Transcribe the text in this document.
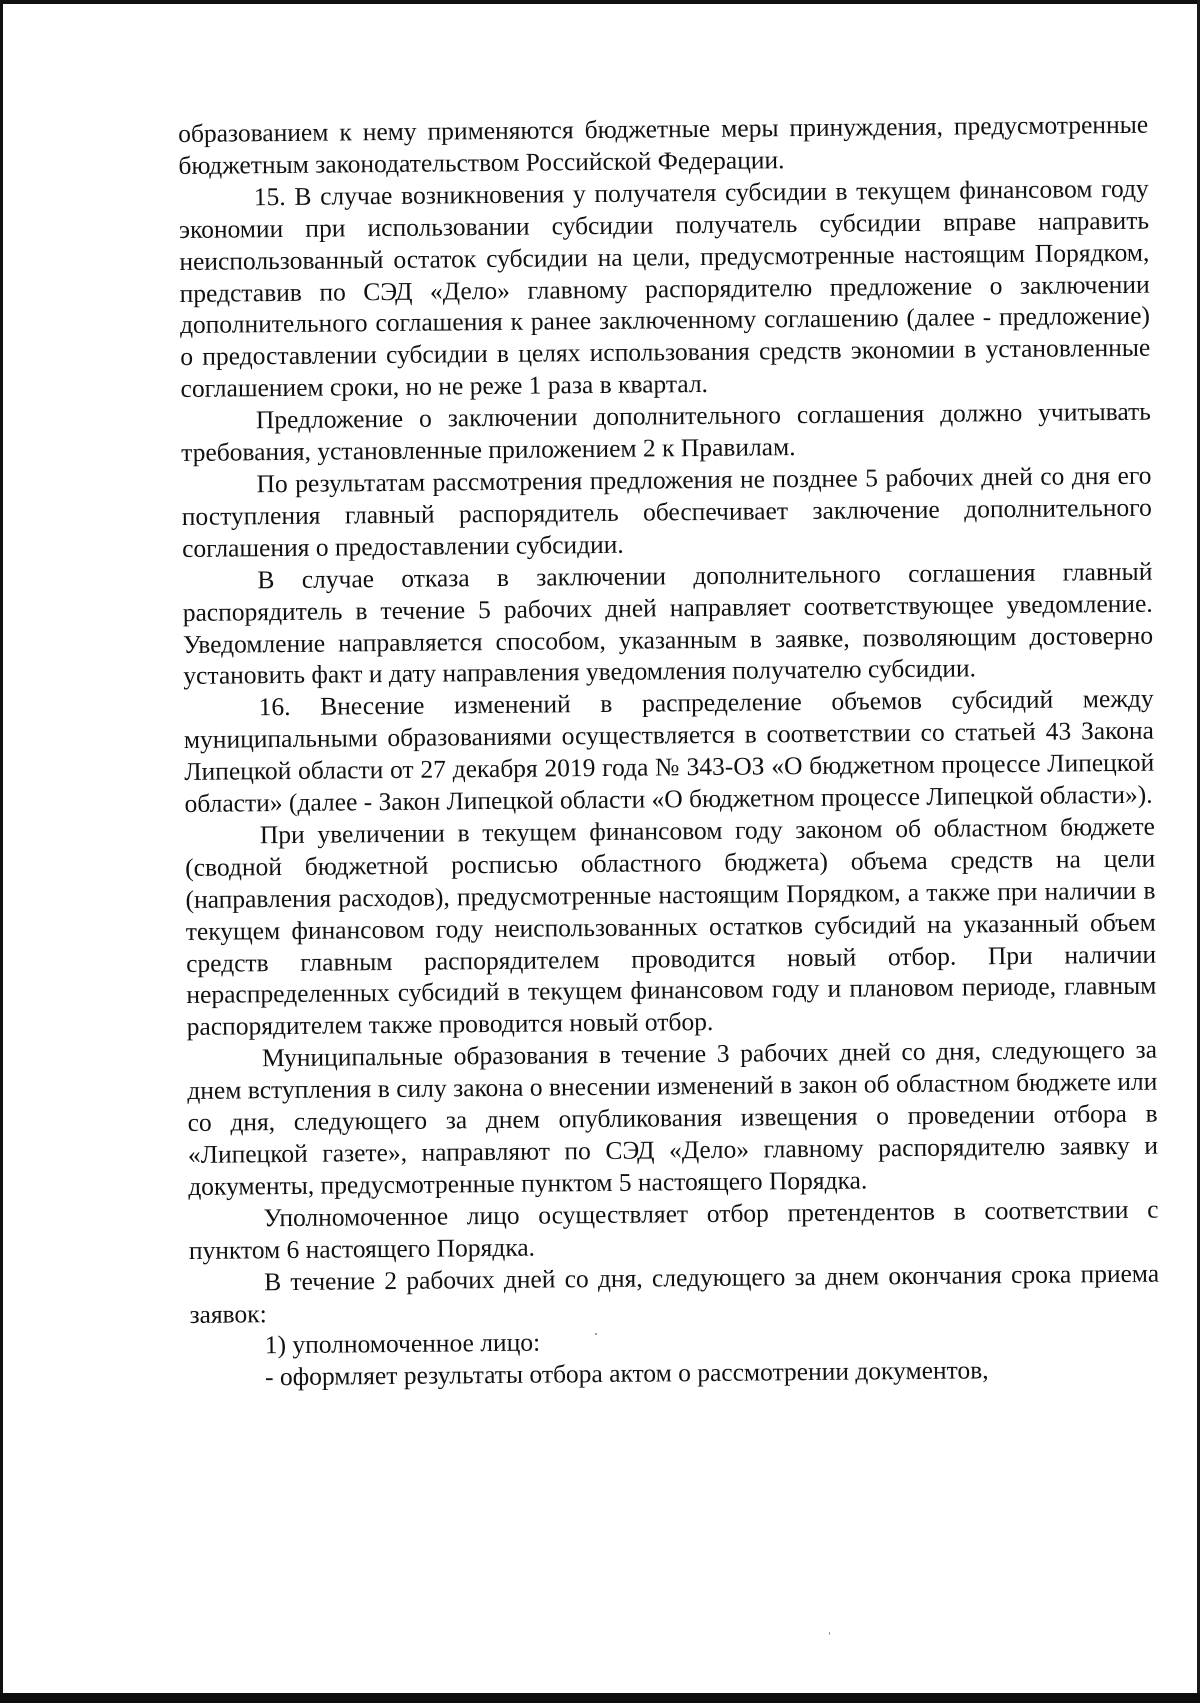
образованием к нему применяются бюджетные меры принуждения, предусмотренные бюджетным законодательством Российской Федерации.

15. В случае возникновения у получателя субсидии в текущем финансовом году экономии при использовании субсидии получатель субсидии вправе направить неиспользованный остаток субсидии на цели, предусмотренные настоящим Порядком, представив по СЭД «Дело» главному распорядителю предложение о заключении дополнительного соглашения к ранее заключенному соглашению (далее - предложение) о предоставлении субсидии в целях использования средств экономии в установленные соглашением сроки, но не реже 1 раза в квартал.

Предложение о заключении дополнительного соглашения должно учитывать требования, установленные приложением 2 к Правилам.

По результатам рассмотрения предложения не позднее 5 рабочих дней со дня его поступления главный распорядитель обеспечивает заключение дополнительного соглашения о предоставлении субсидии.

В случае отказа в заключении дополнительного соглашения главный распорядитель в течение 5 рабочих дней направляет соответствующее уведомление. Уведомление направляется способом, указанным в заявке, позволяющим достоверно установить факт и дату направления уведомления получателю субсидии.

16. Внесение изменений в распределение объемов субсидий между муниципальными образованиями осуществляется в соответствии со статьей 43 Закона Липецкой области от 27 декабря 2019 года № 343-ОЗ «О бюджетном процессе Липецкой области» (далее - Закон Липецкой области «О бюджетном процессе Липецкой области»).

При увеличении в текущем финансовом году законом об областном бюджете (сводной бюджетной росписью областного бюджета) объема средств на цели (направления расходов), предусмотренные настоящим Порядком, а также при наличии в текущем финансовом году неиспользованных остатков субсидий на указанный объем средств главным распорядителем проводится новый отбор. При наличии нераспределенных субсидий в текущем финансовом году и плановом периоде, главным распорядителем также проводится новый отбор.

Муниципальные образования в течение 3 рабочих дней со дня, следующего за днем вступления в силу закона о внесении изменений в закон об областном бюджете или со дня, следующего за днем опубликования извещения о проведении отбора в «Липецкой газете», направляют по СЭД «Дело» главному распорядителю заявку и документы, предусмотренные пунктом 5 настоящего Порядка.

Уполномоченное лицо осуществляет отбор претендентов в соответствии с пунктом 6 настоящего Порядка.

В течение 2 рабочих дней со дня, следующего за днем окончания срока приема заявок:

1) уполномоченное лицо:

- оформляет результаты отбора актом о рассмотрении документов,
